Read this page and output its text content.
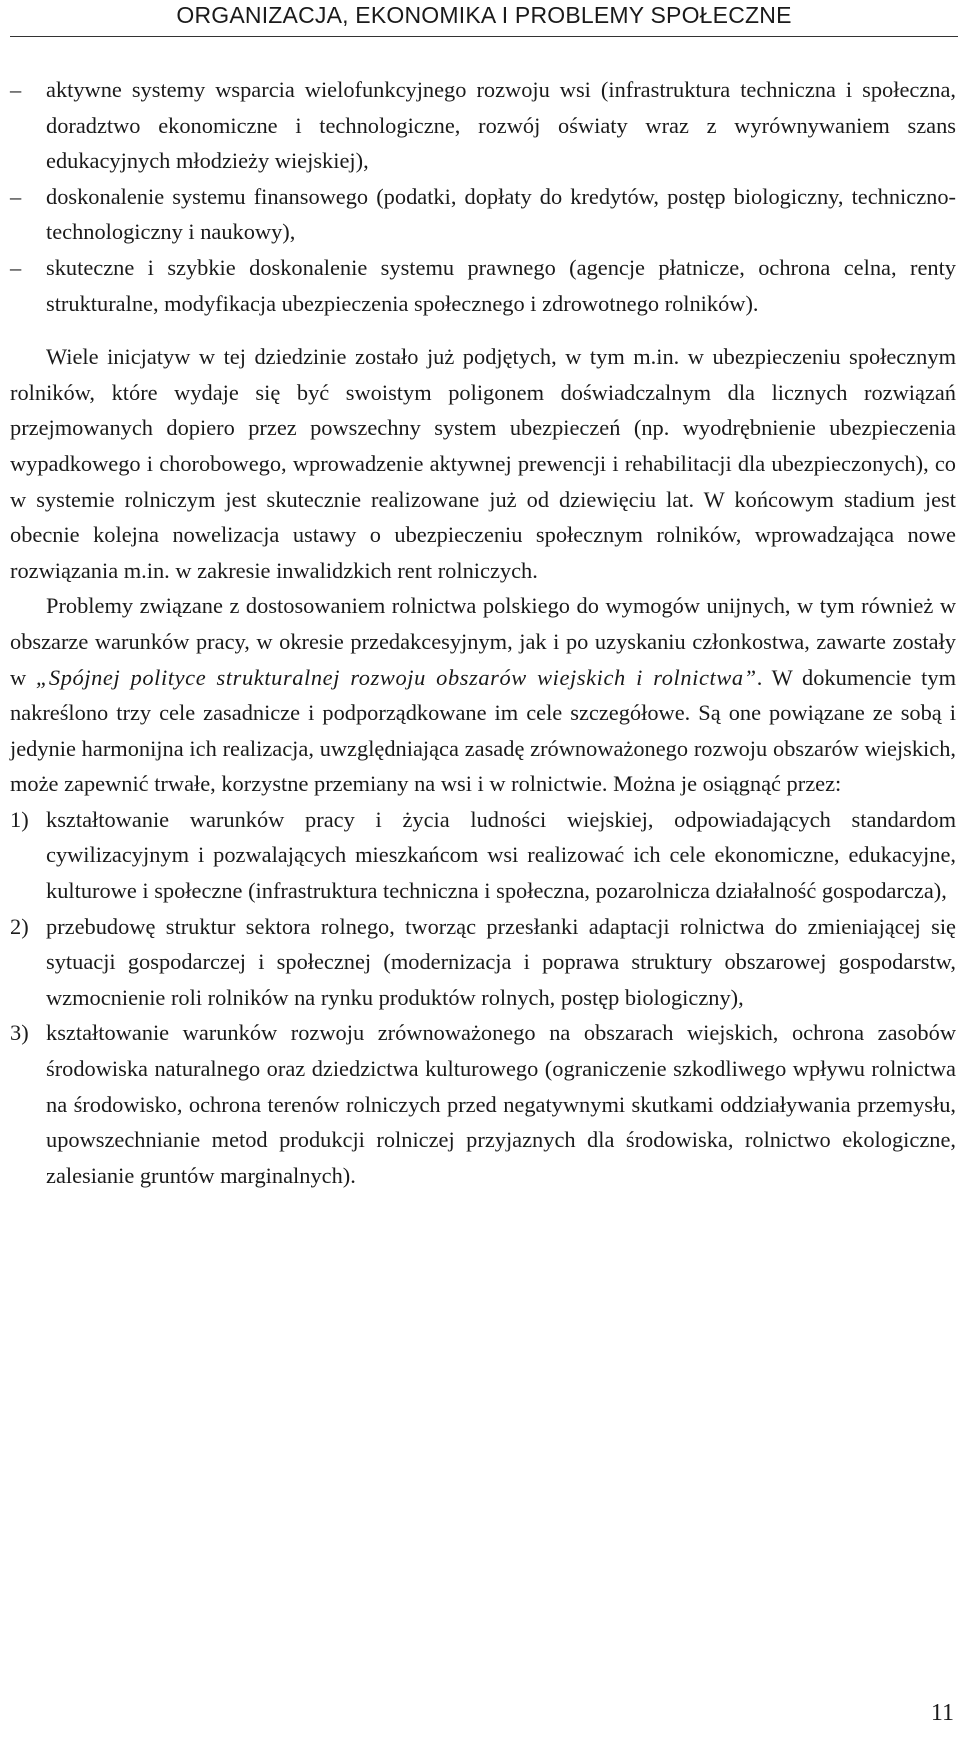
ORGANIZACJA, EKONOMIKA I PROBLEMY SPOŁECZNE
– aktywne systemy wsparcia wielofunkcyjnego rozwoju wsi (infrastruktura techniczna i społeczna, doradztwo ekonomiczne i technologiczne, rozwój oświaty wraz z wyrównywaniem szans edukacyjnych młodzieży wiejskiej),
– doskonalenie systemu finansowego (podatki, dopłaty do kredytów, postęp biologiczny, techniczno-technologiczny i naukowy),
– skuteczne i szybkie doskonalenie systemu prawnego (agencje płatnicze, ochrona celna, renty strukturalne, modyfikacja ubezpieczenia społecznego i zdrowotnego rolników).

Wiele inicjatyw w tej dziedzinie zostało już podjętych, w tym m.in. w ubezpieczeniu społecznym rolników, które wydaje się być swoistym poligonem doświadczalnym dla licznych rozwiązań przejmowanych dopiero przez powszechny system ubezpieczeń (np. wyodrębnienie ubezpieczenia wypadkowego i chorobowego, wprowadzenie aktywnej prewencji i rehabilitacji dla ubezpieczonych), co w systemie rolniczym jest skutecznie realizowane już od dziewięciu lat. W końcowym stadium jest obecnie kolejna nowelizacja ustawy o ubezpieczeniu społecznym rolników, wprowadzająca nowe rozwiązania m.in. w zakresie inwalidzkich rent rolniczych.

Problemy związane z dostosowaniem rolnictwa polskiego do wymogów unijnych, w tym również w obszarze warunków pracy, w okresie przedakcesyjnym, jak i po uzyskaniu członkostwa, zawarte zostały w „Spójnej polityce strukturalnej rozwoju obszarów wiejskich i rolnictwa”. W dokumencie tym nakreślono trzy cele zasadnicze i podporządkowane im cele szczegółowe. Są one powiązane ze sobą i jedynie harmonijna ich realizacja, uwzględniająca zasadę zrównoważonego rozwoju obszarów wiejskich, może zapewnić trwałe, korzystne przemiany na wsi i w rolnictwie. Można je osiągnąć przez:

1) kształtowanie warunków pracy i życia ludności wiejskiej, odpowiadających standardom cywilizacyjnym i pozwalających mieszkańcom wsi realizować ich cele ekonomiczne, edukacyjne, kulturowe i społeczne (infrastruktura techniczna i społeczna, pozarolnicza działalność gospodarcza),
2) przebudowę struktur sektora rolnego, tworząc przesłanki adaptacji rolnictwa do zmieniającej się sytuacji gospodarczej i społecznej (modernizacja i poprawa struktury obszarowej gospodarstw, wzmocnienie roli rolników na rynku produktów rolnych, postęp biologiczny),
3) kształtowanie warunków rozwoju zrównoważonego na obszarach wiejskich, ochrona zasobów środowiska naturalnego oraz dziedzictwa kulturowego (ograniczenie szkodliwego wpływu rolnictwa na środowisko, ochrona terenów rolniczych przed negatywnymi skutkami oddziaływania przemysłu, upowszechnianie metod produkcji rolniczej przyjaznych dla środowiska, rolnictwo ekologiczne, zalesianie gruntów marginalnych).
11
